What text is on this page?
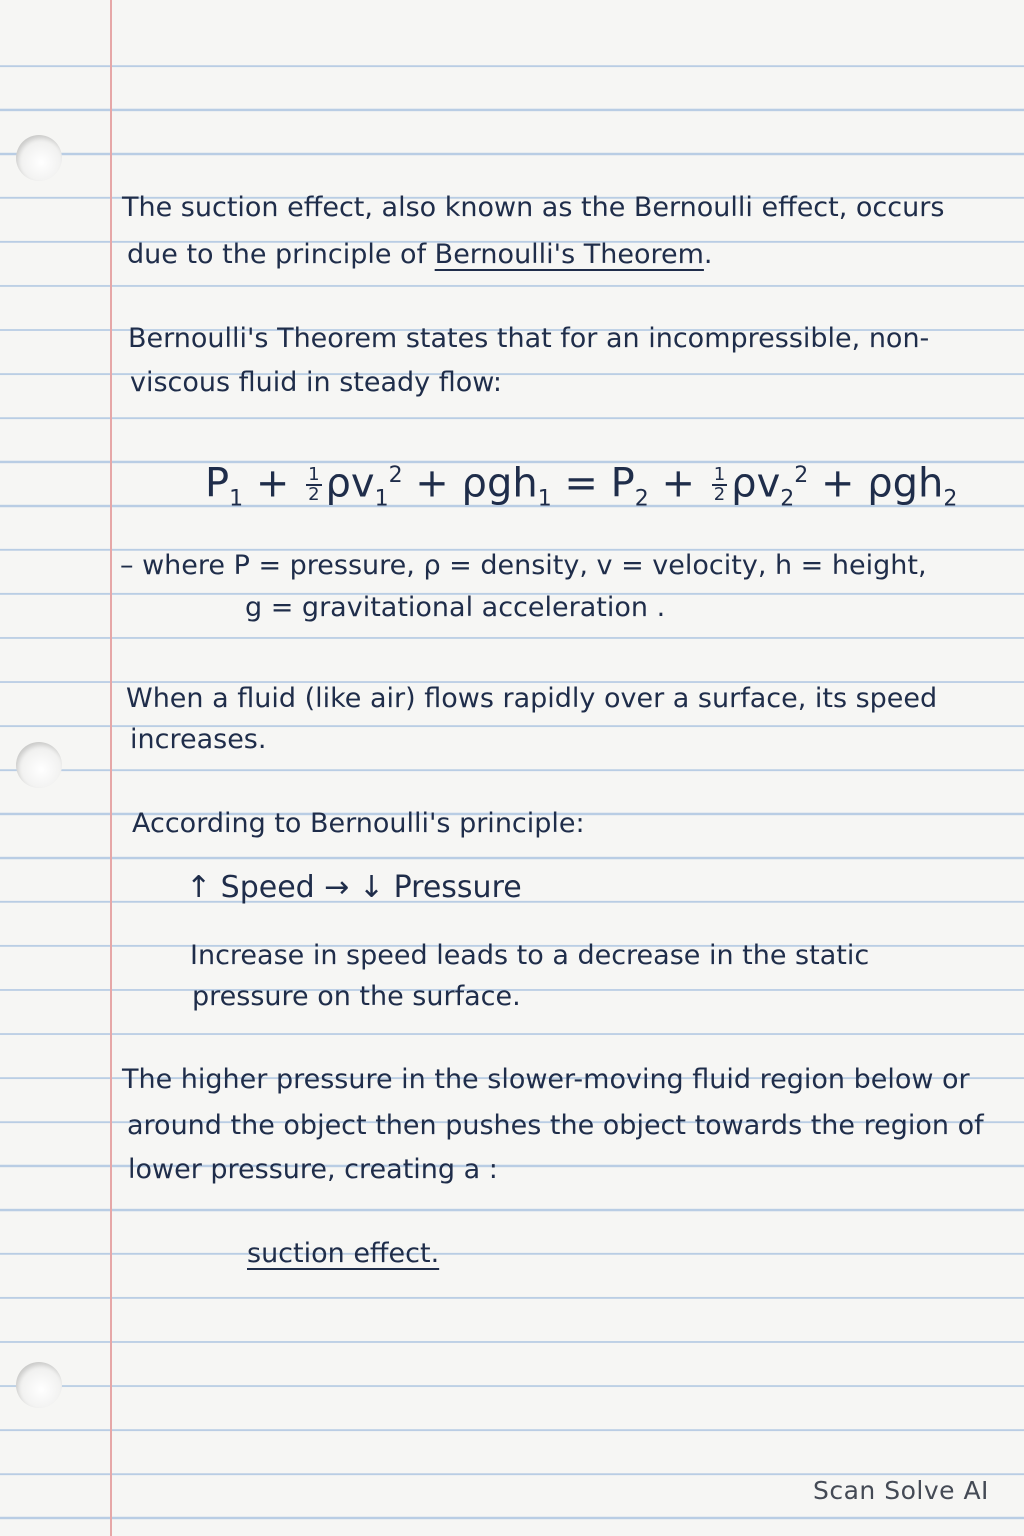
The suction effect, also known as the Bernoulli effect, occurs
due to the principle of Bernoulli's Theorem.
Bernoulli's Theorem states that for an incompressible, non-
viscous fluid in steady flow:
$P_1 + \frac{1}{2} \rho v_1^2 + \rho gh_1 = P_2 + \frac{1}{2} \rho v_2^2 + \rho gh_2$
– where P = pressure, ρ = density, v = velocity, h = height,
g = gravitational acceleration .
When a fluid (like air) flows rapidly over a surface, its speed
increases.
According to Bernoulli's principle:
↑ Speed → ↓ Pressure
Increase in speed leads to a decrease in the static
pressure on the surface.
The higher pressure in the slower-moving fluid region below or
around the object then pushes the object towards the region of
lower pressure, creating a :
suction effect.
Scan Solve AI
